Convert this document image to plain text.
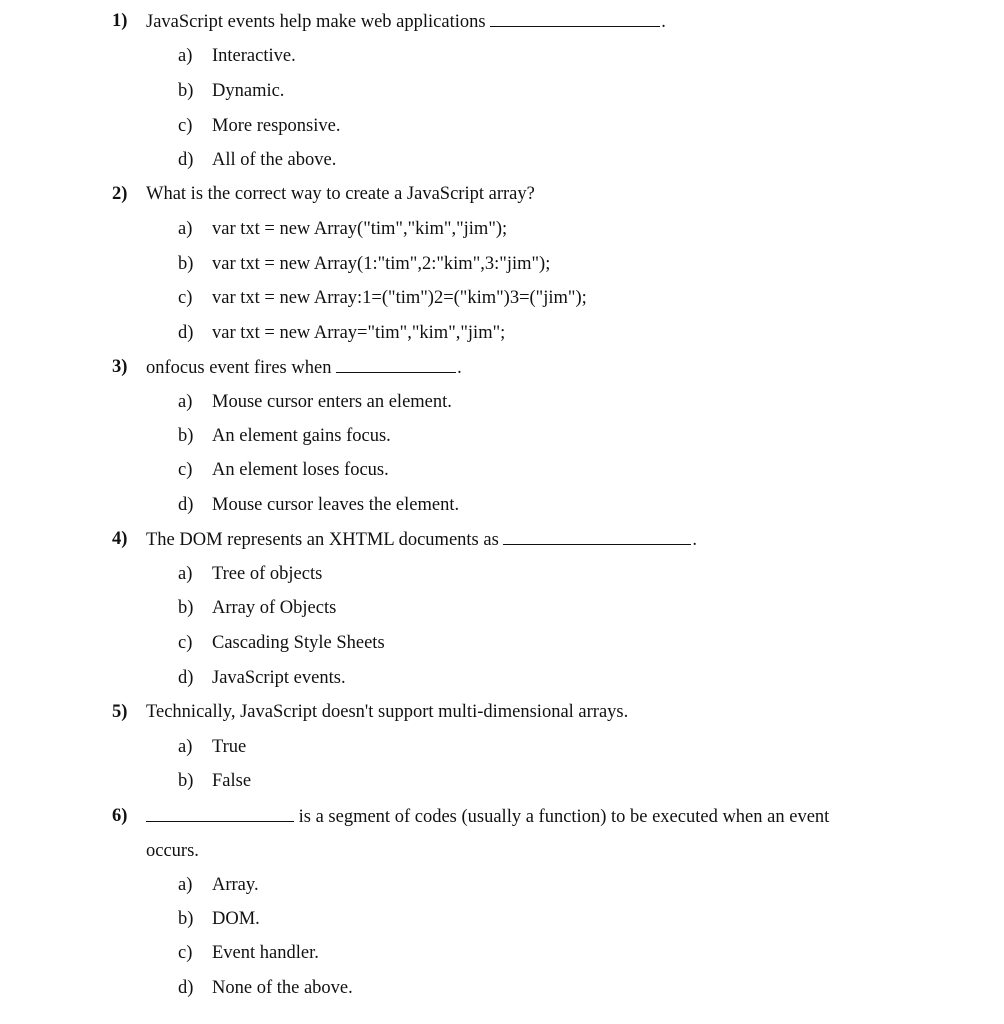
1) JavaScript events help make web applications	.
a) Interactive.
b) Dynamic.
c) More responsive.
d) All of the above.
2) What is the correct way to create a JavaScript array?
a) var txt = new Array("tim","kim","jim");
b) var txt = new Array(1:"tim",2:"kim",3:"jim");
c) var txt = new Array:1=("tim")2=("kim")3=("jim");
d) var txt = new Array="tim","kim","jim";
3) onfocus event fires when	.
a) Mouse cursor enters an element.
b) An element gains focus.
c) An element loses focus.
d) Mouse cursor leaves the element.
4) The DOM represents an XHTML documents as	.
a) Tree of objects
b) Array of Objects
c) Cascading Style Sheets
d) JavaScript events.
5) Technically, JavaScript doesn't support multi-dimensional arrays.
a) True
b) False
6)	is a segment of codes (usually a function) to be executed when an event
occurs.
a) Array.
b) DOM.
c) Event handler.
d) None of the above.
